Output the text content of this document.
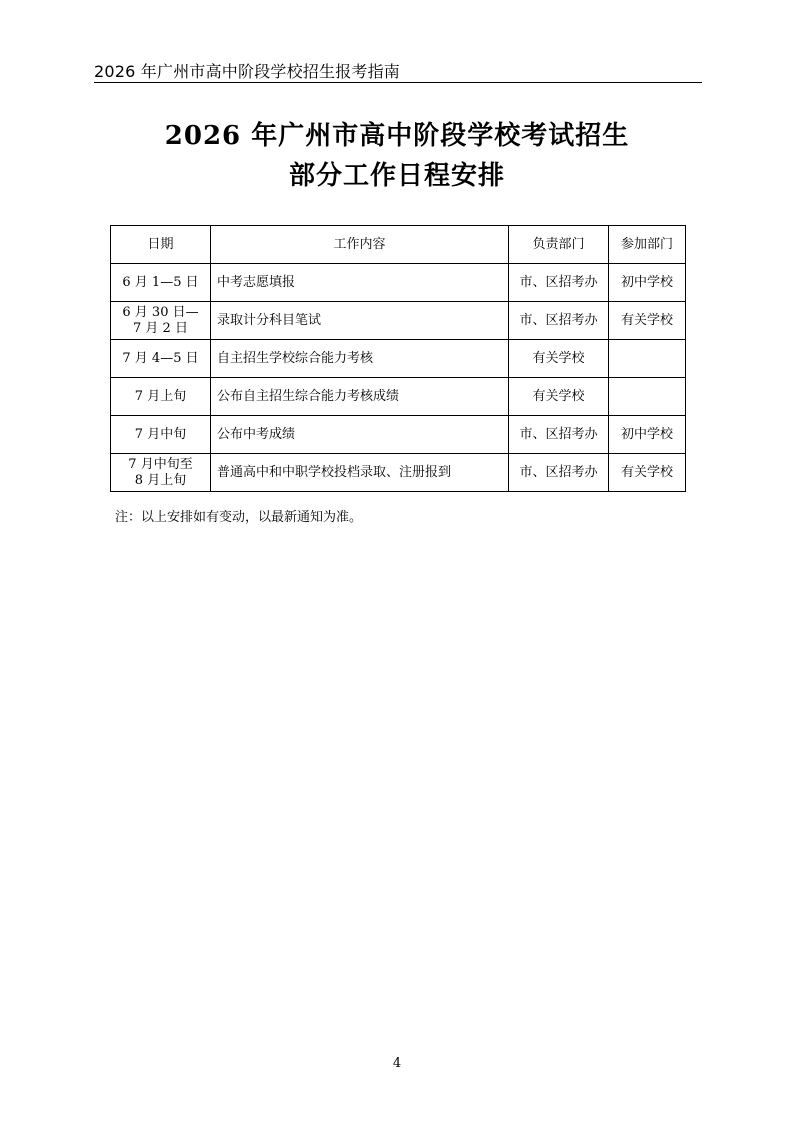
2026 年广州市高中阶段学校招生报考指南
2026 年广州市高中阶段学校考试招生
部分工作日程安排
日期	工作内容	负责部门	参加部门
6 月 1—5 日	中考志愿填报	市、区招考办	初中学校

6 月 30 日—
7 月 2 日	录取计分科目笔试	市、区招考办	有关学校
7 月 4—5 日	自主招生学校综合能力考核	有关学校	
7 月上旬	公布自主招生综合能力考核成绩	有关学校	
7 月中旬	公布中考成绩	市、区招考办	初中学校

7 月中旬至
8 月上旬	普通高中和中职学校投档录取、注册报到	市、区招考办	有关学校
注：以上安排如有变动，以最新通知为准。
4
